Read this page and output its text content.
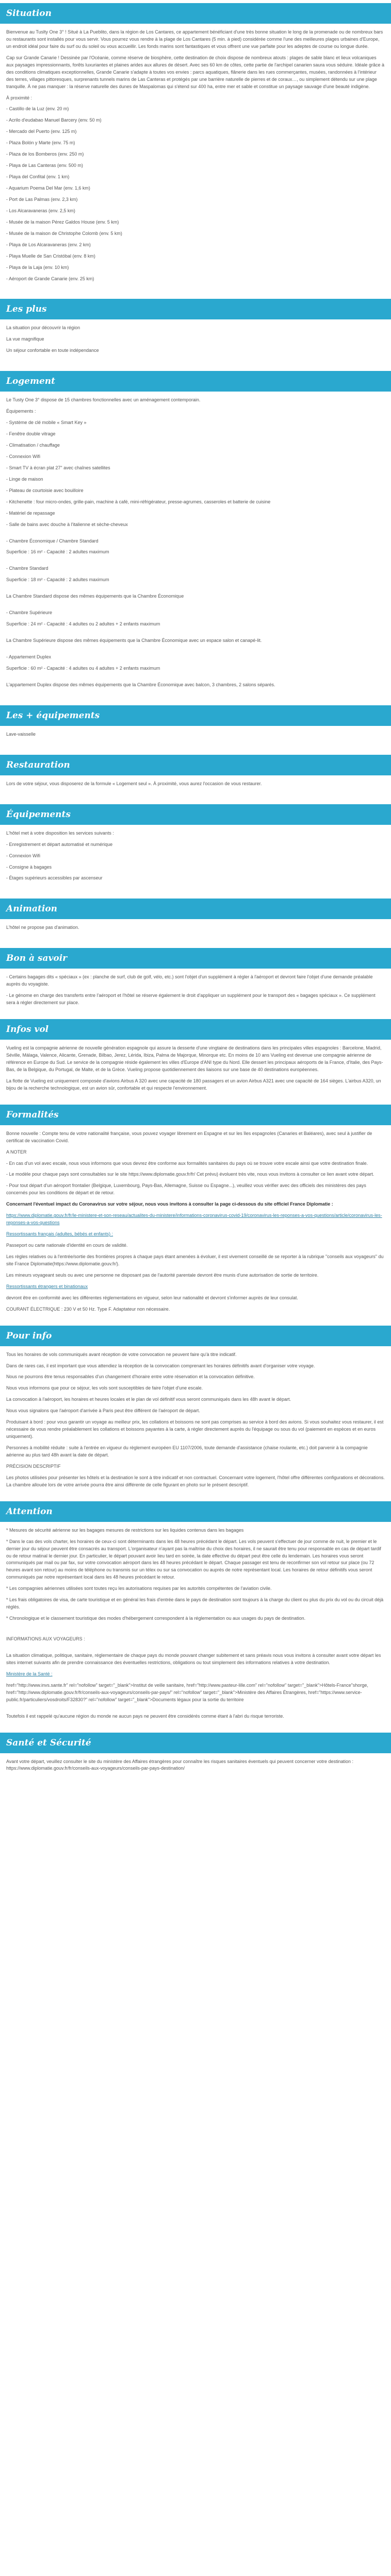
Situation

Bienvenue au Tuslty One 3° ! Situé à La Pueblito, dans la région de Los Cantares, ce appartement bénéficiant d'une très bonne situation le long de la promenade ou de nombreux bars ou restaurants sont installés pour vous servir. Vous pourrez vous rendre à la plage de Los Cantares (5 min. à pied) considérée comme l'une des meilleures plages urbaines d'Europe, un endroit idéal pour faire du surf ou du soleil ou vous accueillir. Les fonds marins sont fantastiques et vous offrent une vue parfaite pour les adeptes de course ou longue durée.

Cap sur Grande Canarie ! Dessinée par l'Océanie, comme réserve de biosphère, cette destination de choix dispose de nombreux atouts : plages de sable blanc et lieux volcaniques aux paysages impressionnants, forêts luxuriantes et plaines arides aux allures de désert. Avec ses 60 km de côtes, cette partie de l'archipel canarien saura vous séduire. Idéale grâce à des conditions climatiques exceptionnelles, Grande Canarie s'adapte à toutes vos envies : parcs aquatiques, flânerie dans les rues commerçantes, musées, randonnées à l'intérieur des terres, villages pittoresques, surprenants tunnels marins de Las Canteras et protégés par une barrière naturelle de pierres et de coraux…, ou simplement détendu sur une plage tranquille. À ne pas manquer : la réserve naturelle des dunes de Maspalomas qui s'étend sur 400 ha, entre mer et sable et constitue un paysage sauvage d'une beauté indigène.

À proximité :

- Castillo de la Luz (env. 20 m)

- Acrilo d'eudabao Manuel Barcery (env. 50 m)

- Mercado del Puerto (env. 125 m)

- Plaza Bolón y Marte (env. 75 m)

- Plaza de los Bomberos (env. 250 m)

- Playa de Las Canteras (env. 500 m)

- Playa del Confital (env. 1 km)

- Aquarium Poema Del Mar (env. 1,6 km)

- Port de Las Palmas (env. 2,3 km)

- Los Alcaravaneras (env. 2,5 km)

- Musée de la maison Pérez Galdos House (env. 5 km)

- Musée de la maison de Christophe Colomb (env. 5 km)

- Playa de Los Alcaravaneras (env. 2 km)

- Playa Muelle de San Cristóbal (env. 8 km)

- Playa de la Laja (env. 10 km)

- Aéroport de Grande Canarie (env. 25 km)

Les plus

La situation pour découvrir la région

La vue magnifique

Un séjour confortable en toute indépendance

Logement

Le Tusty One 3° dispose de 15 chambres fonctionnelles avec un aménagement contemporain.

Équipements :

- Système de clé mobile « Smart Key »

- Fenêtre double vitrage

- Climatisation / chauffage

- Connexion Wifi

- Smart TV à écran plat 27" avec chaînes satellites

- Linge de maison

- Plateau de courtoisie avec bouilloire

- Kitchenette : four micro-ondes, grille-pain, machine à café, mini-réfrigérateur, presse-agrumes, casseroles et batterie de cuisine

- Matériel de repassage

- Salle de bains avec douche à l'italienne et sèche-cheveux

- Chambre Économique / Chambre Standard

Superficie : 16 m² - Capacité : 2 adultes maximum

- Chambre Standard

Superficie : 18 m² - Capacité : 2 adultes maximum

La Chambre Standard dispose des mêmes équipements que la Chambre Économique

- Chambre Supérieure

Superficie : 24 m² - Capacité : 4 adultes ou 2 adultes + 2 enfants maximum

La Chambre Supérieure dispose des mêmes équipements que la Chambre Économique avec un espace salon et canapé-lit.

- Appartement Duplex

Superficie : 60 m² - Capacité : 4 adultes ou 4 adultes + 2 enfants maximum

L'appartement Duplex dispose des mêmes équipements que la Chambre Économique avec balcon, 3 chambres, 2 salons séparés.

Les + équipements

Lave-vaisselle

Restauration

Lors de votre séjour, vous disposerez de la formule « Logement seul ». À proximité, vous aurez l'occasion de vous restaurer.

Équipements

L'hôtel met à votre disposition les services suivants :

- Enregistrement et départ automatisé et numérique

- Connexion Wifi

- Consigne à bagages

- Étages supérieurs accessibles par ascenseur

Animation

L'hôtel ne propose pas d'animation.

Bon à savoir

- Certains bagages dits « spéciaux » (ex : planche de surf, club de golf, vélo, etc.) sont l'objet d'un supplément à régler à l'aéroport et devront faire l'objet d'une demande préalable auprès du voyagiste.

- Le génome en charge des transferts entre l'aéroport et l'hôtel se réserve également le droit d'appliquer un supplément pour le transport des « bagages spéciaux ». Ce supplément sera à régler directement sur place.

Infos vol

Vueling est la compagnie aérienne de nouvelle génération espagnole qui assure la desserte d'une vingtaine de destinations dans les principales villes espagnoles : Barcelone, Madrid, Séville, Málaga, Valence, Alicante, Grenade, Bilbao, Jerez, Lérida, Ibiza, Palma de Majorque, Minorque etc. En moins de 10 ans Vueling est devenue une compagnie aérienne de référence en Europe du Sud. Le service de la compagnie réside également les villes d'Europe d'ANI type du Nord. Elle dessert les principaux aéroports de la France, d'Italie, des Pays-Bas, de la Belgique, du Portugal, de Malte, et de la Grèce. Vueling propose quotidiennement des liaisons sur une base de 40 destinations européennes.

La flotte de Vueling est uniquement composée d'avions Airbus A 320 avec une capacité de 180 passagers et un avion Airbus A321 avec une capacité de 164 sièges. L'airbus A320, un bijou de la recherche technologique, est un avion sûr, confortable et qui respecte l'environnement.

Formalités

Bonne nouvelle : Compte tenu de votre nationalité française, vous pouvez voyager librement en Espagne et sur les îles espagnoles (Canaries et Baléares), avec seul à justifier de certificat de vaccination Covid.

A NOTER

- En cas d'un vol avec escale, nous vous informons que vous devrez être conforme aux formalités sanitaires du pays où se trouve votre escale ainsi que votre destination finale.

- Le modèle pour chaque pays sont consultables sur le site https://www.diplomatie.gouv.fr/fr/ Cet prévu) évoluent très vite, nous vous invitons à consulter ce lien avant votre départ.

- Pour tout départ d'un aéroport frontalier (Belgique, Luxembourg, Pays-Bas, Allemagne, Suisse ou Espagne...), veuillez vous vérifier avec des officiels des ministères des pays concernés pour les conditions de départ et de retour.

Concernant l'éventuel impact du Coronavirus sur votre séjour, nous vous invitons à consulter la page ci-dessous du site officiel France Diplomatie :

https://www.diplomatie.gouv.fr/fr/le-ministere-et-son-reseau/actualites-du-ministere/informations-coronavirus-covid-19/coronavirus-les-reponses-a-vos-questions/article/coronavirus-les-reponses-a-vos-questions

Ressortissants français (adultes, bébés et enfants) :

Passeport ou carte nationale d'identité en cours de validité.

Les règles relatives ou à l'entrée/sortie des frontières propres à chaque pays étant amenées à évoluer, il est vivement conseillé de se reporter à la rubrique "conseils aux voyageurs" du site France Diplomatie(https://www.diplomatie.gouv.fr/).

Les mineurs voyageant seuls ou avec une personne ne disposant pas de l'autorité parentale devront être munis d'une autorisation de sortie de territoire.

Ressortissants étrangers et binationaux

devront être en conformité avec les différentes réglementations en vigueur, selon leur nationalité et devront s'informer auprès de leur consulat.

COURANT ÉLECTRIQUE : 230 V et 50 Hz. Type F. Adaptateur non nécessaire.

Pour info

Tous les horaires de vols communiqués avant réception de votre convocation ne peuvent faire qu'à titre indicatif.

Dans de rares cas, il est important que vous attendiez la réception de la convocation comprenant les horaires définitifs avant d'organiser votre voyage.

Nous ne pourrons être tenus responsables d'un changement d'horaire entre votre réservation et la convocation définitive.

Nous vous informons que pour ce séjour, les vols sont susceptibles de faire l'objet d'une escale.

La convocation à l'aéroport, les horaires et heures locales et le plan de vol définitif vous seront communiqués dans les 48h avant le départ.

Nous vous signalons que l'aéroport d'arrivée à Paris peut être différent de l'aéroport de départ.

Produisant à bord : pour vous garantir un voyage au meilleur prix, les collations et boissons ne sont pas comprises au service à bord des avions. Si vous souhaitez vous restaurer, il est nécessaire de vous rendre préalablement les collations et boissons payantes à la carte, à régler directement auprès du l'équipage ou sous du vol (paiement en espèces et en euros uniquement).

Personnes à mobilité réduite : suite à l'entrée en vigueur du règlement européen EU 1107/2006, toute demande d'assistance (chaise roulante, etc.) doit parvenir à la compagnie aérienne au plus tard 48h avant la date de départ.

PRÉCISION DESCRIPTIF

Les photos utilisées pour présenter les hôtels et la destination le sont à titre indicatif et non contractuel. Concernant votre logement, l'hôtel offre différentes configurations et décorations. La chambre allouée lors de votre arrivée pourra être ainsi différente de celle figurant en photo sur le présent descriptif.

Attention

* Mesures de sécurité aérienne sur les bagages mesures de restrictions sur les liquides contenus dans les bagages

* Dans le cas des vols charter, les horaires de ceux-ci sont déterminants dans les 48 heures précédant le départ. Les vols peuvent s'effectuer de jour comme de nuit, le premier et le dernier jour du séjour peuvent être consacrés au transport. L'organisateur n'ayant pas la maîtrise du choix des horaires, il ne saurait être tenu pour responsable en cas de départ tardif ou de retour matinal le dernier jour. En particulier, le départ pouvant avoir lieu tard en soirée, la date effective du départ peut être celle du lendemain. Les horaires vous seront communiqués par mail ou par fax, sur votre convocation aéroport dans les 48 heures précédant le départ. Chaque passager est tenu de reconfirmer son vol retour sur place (ou 72 heures avant son retour) au moins de téléphone ou transmis sur un télex ou sur sa convocation ou auprès de notre représentant local. Les horaires de retour définitifs vous seront communiqués par notre représentant local dans les 48 heures précédant le retour.

* Les compagnies aériennes utilisées sont toutes reçu les autorisations requises par les autorités compétentes de l'aviation civile.

* Les frais obligatoires de visa, de carte touristique et en général les frais d'entrée dans le pays de destination sont toujours à la charge du client ou plus du prix du vol ou du circuit déjà réglés.

* Chronologique et le classement touristique des modes d'hébergement correspondent à la réglementation ou aux usages du pays de destination.

INFORMATIONS AUX VOYAGEURS :

La situation climatique, politique, sanitaire, réglementaire de chaque pays du monde pouvant changer subitement et sans préavis nous vous invitons à consulter avant votre départ les sites internet suivants afin de prendre connaissance des éventuelles restrictions, obligations ou tout simplement des informations relatives à votre destination.

Ministère de la Santé :

href="http://www.invs.sante.fr" rel="nofollow" target="_blank">Institut de veille sanitaire, href="http://www.pasteur-lille.com" rel="nofollow" target="_blank">Hôtels-France"shorge, href="http://www.diplomatie.gouv.fr/fr/conseils-aux-voyageurs/conseils-par-pays/" rel="nofollow" target="_blank">Ministère des Affaires Étrangères, href="https://www.service-public.fr/particuliers/vosdroits/F32830?" rel="nofollow" target="_blank">Documents légaux pour la sortie du territoire

Toutefois il est rappelé qu'aucune région du monde ne aucun pays ne peuvent être considérés comme étant à l'abri du risque terroriste.

Santé et Sécurité

Avant votre départ, veuillez consulter le site du ministère des Affaires étrangères pour connaître les risques sanitaires éventuels qui peuvent concerner votre destination : https://www.diplomatie.gouv.fr/fr/conseils-aux-voyageurs/conseils-par-pays-destination/
